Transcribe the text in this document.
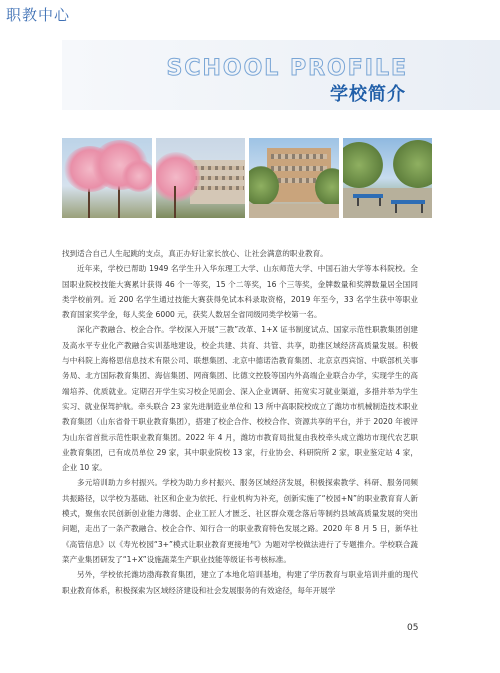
职教中心
SCHOOL PROFILE
学校简介

找到适合自己人生起跳的支点，真正办好让家长放心、让社会满意的职业教育。

近年来，学校已帮助 1949 名学生升入华东理工大学、山东师范大学、中国石油大学等本科院校。全国职业院校技能大赛累计获得 46 个一等奖，15 个二等奖，16 个三等奖，金牌数量和奖牌数量居全国同类学校前列。近 200 名学生通过技能大赛获得免试本科录取资格，2019 年至今，33 名学生获中等职业教育国家奖学金，每人奖金 6000 元，获奖人数居全省同级同类学校第一名。

深化产教融合、校企合作。学校深入开展“三教”改革、1+X 证书制度试点、国家示范性职教集团创建及高水平专业化产教融合实训基地建设，校企共建、共育、共管、共享，助推区域经济高质量发展。积极与中科院上海格思信息技术有限公司、联想集团、北京中德诺浩教育集团、北京京西宾馆、中联部机关事务局、北方国际教育集团、海信集团、网商集团、比德文控股等国内外高端企业联合办学，实现学生的高端培养、优质就业。定期召开学生实习校企见面会、深入企业调研、拓宽实习就业渠道，多措并举为学生实习、就业保驾护航。牵头联合 23 家先进制造业单位和 13 所中高职院校成立了潍坊市机械制造技术职业教育集团（山东省骨干职业教育集团），搭建了校企合作、校校合作、资源共享的平台，并于 2020 年被评为山东省首批示范性职业教育集团。2022 年 4 月，潍坊市教育局批复由我校牵头成立潍坊市现代农艺职业教育集团，已有成员单位 29 家，其中职业院校 13 家，行业协会、科研院所 2 家，职业鉴定站 4 家，企业 10 家。

多元培训助力乡村振兴。学校为助力乡村振兴、服务区域经济发展，积极探索教学、科研、服务同频共振路径，以学校为基础、社区和企业为依托、行业机构为补充，创新实施了“校园+N”的职业教育育人新模式，聚焦农民创新创业能力薄弱、企业工匠人才匮乏、社区群众观念落后等制约县域高质量发展的突出问题，走出了一条产教融合、校企合作、知行合一的职业教育特色发展之路。2020 年 8 月 5 日，新华社《高管信息》以《寿光校园“3+”模式让职业教育更接地气》为题对学校做法进行了专题推介。学校联合蔬菜产业集团研发了“1+X”设施蔬菜生产职业技能等级证书考核标准。

另外，学校依托潍坊渤海教育集团，建立了本地化培训基地，构建了学历教育与职业培训并重的现代职业教育体系，积极探索为区域经济建设和社会发展服务的有效途径，每年开展学

05
